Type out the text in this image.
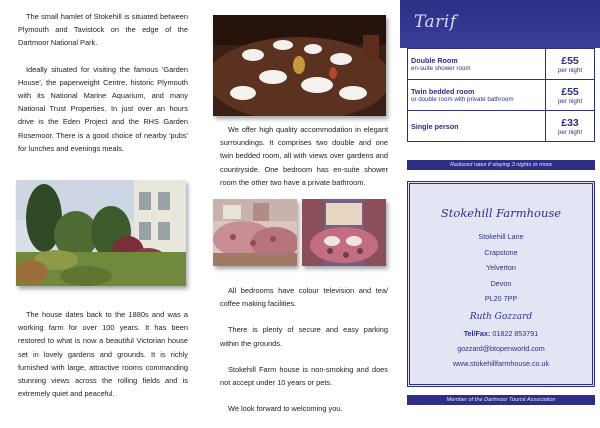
The small hamlet of Stokehill is situated between Plymouth and Tavistock on the edge of the Dartmoor National Park.

Ideally situated for visiting the famous 'Garden House', the paperweight Centre, historic Plymouth with its National Marine Aquarium, and many National Trust Properties. In just over an hours drive is the Eden Project and the RHS Garden Rosemoor. There is a good choice of nearby 'pubs' for lunches and evenings meals.

The house dates back to the 1880s and was a working farm for over 100 years. It has been restored to what is now a beautiful Victorian house set in lovely gardens and grounds. It is richly furnished with large, attractive rooms commanding stunning views across the rolling fields and is extremely quiet and peaceful.

We offer high quality accommodation in elegant surroundings. It comprises two double and one twin bedded room, all with views over gardens and countryside. One bedroom has en-suite shower room the other two have a private bathroom.

All bedrooms have colour television and tea/ coffee making facilities.

There is plenty of secure and easy parking within the grounds.

Stokehill Farm house is non-smoking and does not accept under 10 years or pets.

We look forward to welcoming you.

Tarif
Double Room
en-suite shower room	£55
per night

Twin bedded room
or double room with private bathroom	£55
per night

Single person	£33
per night
Reduced rates if staying 3 nights or more
Stokehill Farmhouse
Stokehill Lane
Crapstone
Yelverton
Devon
PL20 7PP
Ruth Gozzard
Tel/Fax: 01822 853791
gozzard@btopenworld.com
www.stokehillfarmhouse.co.uk
Member of the Dartmoor Tourist Association
